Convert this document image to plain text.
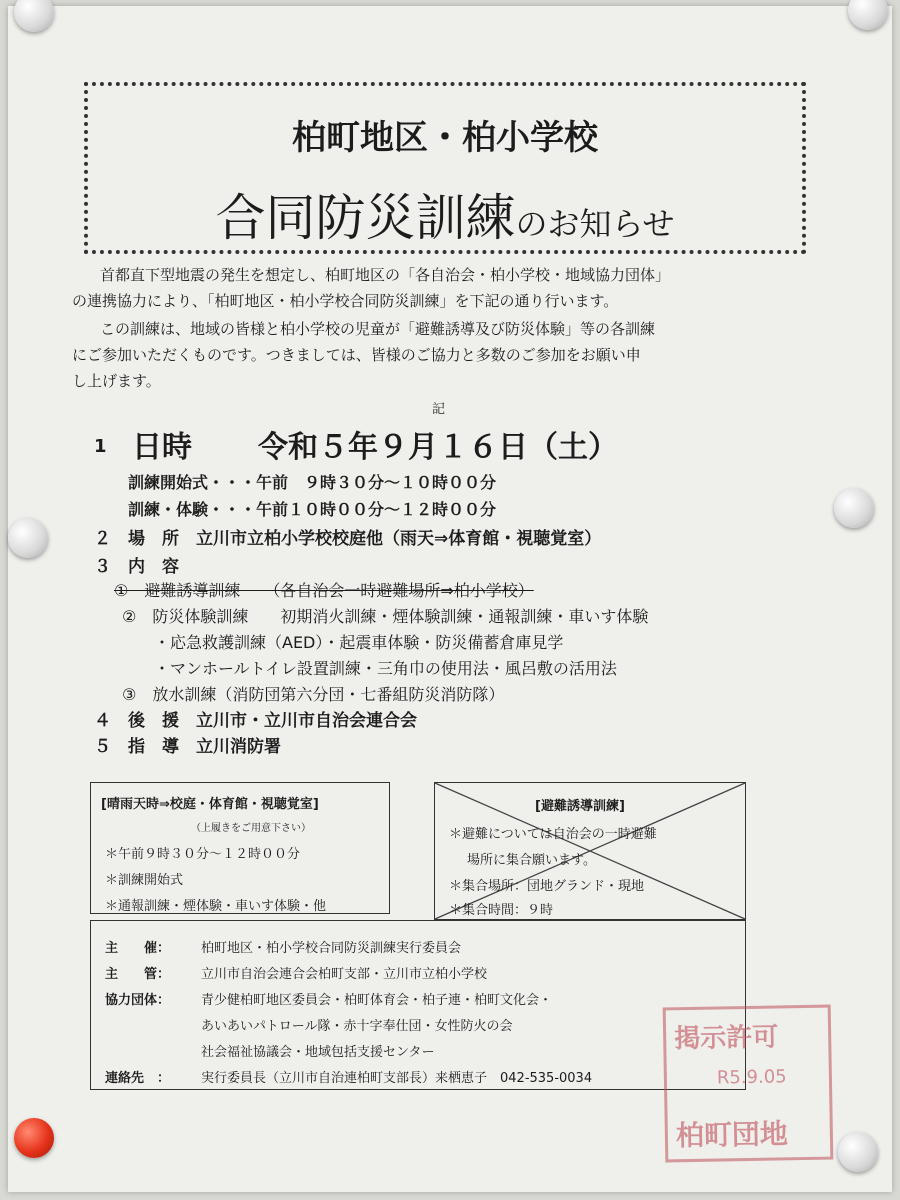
柏町地区・柏小学校
合同防災訓練のお知らせ
首都直下型地震の発生を想定し、柏町地区の「各自治会・柏小学校・地域協力団体」
の連携協力により、「柏町地区・柏小学校合同防災訓練」を下記の通り行います。
この訓練は、地域の皆様と柏小学校の児童が「避難誘導及び防災体験」等の各訓練
にご参加いただくものです。つきましては、皆様のご協力と多数のご参加をお願い申
し上げます。
記
1 日時 令和５年９月１６日（土）
訓練開始式・・・午前　９時３０分～１０時００分
訓練・体験・・・午前１０時００分～１２時００分
２　場　所　立川市立柏小学校校庭他（雨天⇒体育館・視聴覚室）
３　内　容
①　避難誘導訓練　　（各自治会一時避難場所⇒柏小学校）
②　防災体験訓練　　初期消火訓練・煙体験訓練・通報訓練・車いす体験
・応急救護訓練（AED）・起震車体験・防災備蓄倉庫見学
・マンホールトイレ設置訓練・三角巾の使用法・風呂敷の活用法
③　放水訓練（消防団第六分団・七番組防災消防隊）
４　後　援　立川市・立川市自治会連合会
５　指　導　立川消防署
[晴雨天時⇒校庭・体育館・視聴覚室]
（上履きをご用意下さい）
＊午前９時３０分～１２時００分
＊訓練開始式
＊通報訓練・煙体験・車いす体験・他
[避難誘導訓練]
＊避難については自治会の一時避難
場所に集合願います。
＊集合場所：団地グランド・現地
＊集合時間：９時
主　　催： 柏町地区・柏小学校合同防災訓練実行委員会
主　　管： 立川市自治会連合会柏町支部・立川市立柏小学校
協力団体： 青少健柏町地区委員会・柏町体育会・柏子連・柏町文化会・
あいあいパトロール隊・赤十字奉仕団・女性防火の会
社会福祉協議会・地域包括支援センター
連絡先　： 実行委員長（立川市自治連柏町支部長）来栖恵子　042-535-0034
掲示許可
R5.9.05
柏町団地
